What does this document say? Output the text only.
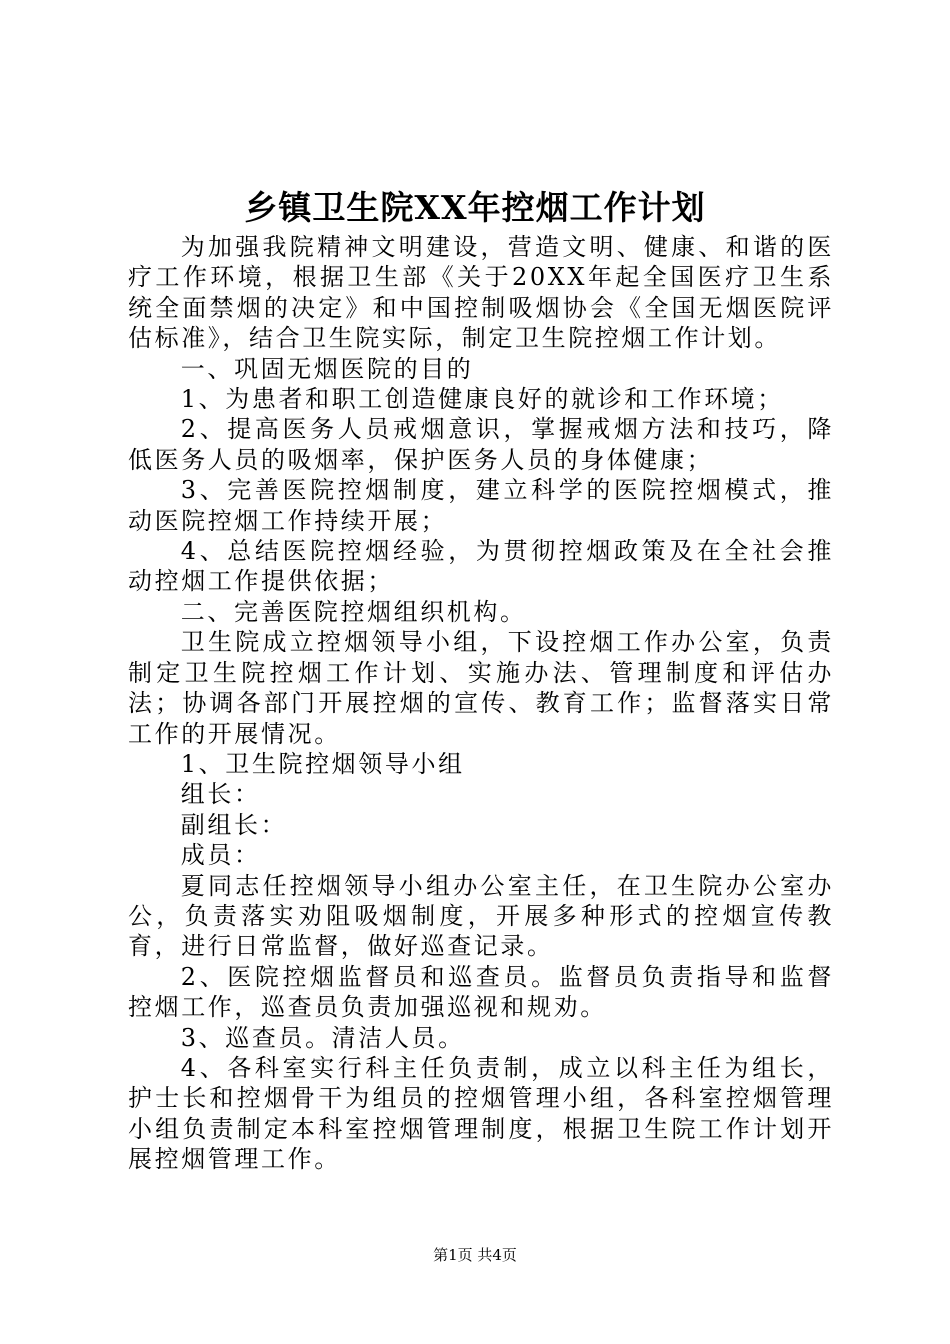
乡镇卫生院XX年控烟工作计划

为加强我院精神文明建设，营造文明、健康、和谐的医疗工作环境，根据卫生部《关于20XX年起全国医疗卫生系统全面禁烟的决定》和中国控制吸烟协会《全国无烟医院评估标准》，结合卫生院实际，制定卫生院控烟工作计划。

一、巩固无烟医院的目的

1、为患者和职工创造健康良好的就诊和工作环境；

2、提高医务人员戒烟意识，掌握戒烟方法和技巧，降低医务人员的吸烟率，保护医务人员的身体健康；

3、完善医院控烟制度，建立科学的医院控烟模式，推动医院控烟工作持续开展；

4、总结医院控烟经验，为贯彻控烟政策及在全社会推动控烟工作提供依据；

二、完善医院控烟组织机构。

卫生院成立控烟领导小组，下设控烟工作办公室，负责制定卫生院控烟工作计划、实施办法、管理制度和评估办法；协调各部门开展控烟的宣传、教育工作；监督落实日常工作的开展情况。

1、卫生院控烟领导小组

组长：

副组长：

成员：

夏同志任控烟领导小组办公室主任，在卫生院办公室办公，负责落实劝阻吸烟制度，开展多种形式的控烟宣传教育，进行日常监督，做好巡查记录。

2、医院控烟监督员和巡查员。监督员负责指导和监督控烟工作，巡查员负责加强巡视和规劝。

3、巡查员。清洁人员。

4、各科室实行科主任负责制，成立以科主任为组长，护士长和控烟骨干为组员的控烟管理小组，各科室控烟管理小组负责制定本科室控烟管理制度，根据卫生院工作计划开展控烟管理工作。

第1页 共4页
